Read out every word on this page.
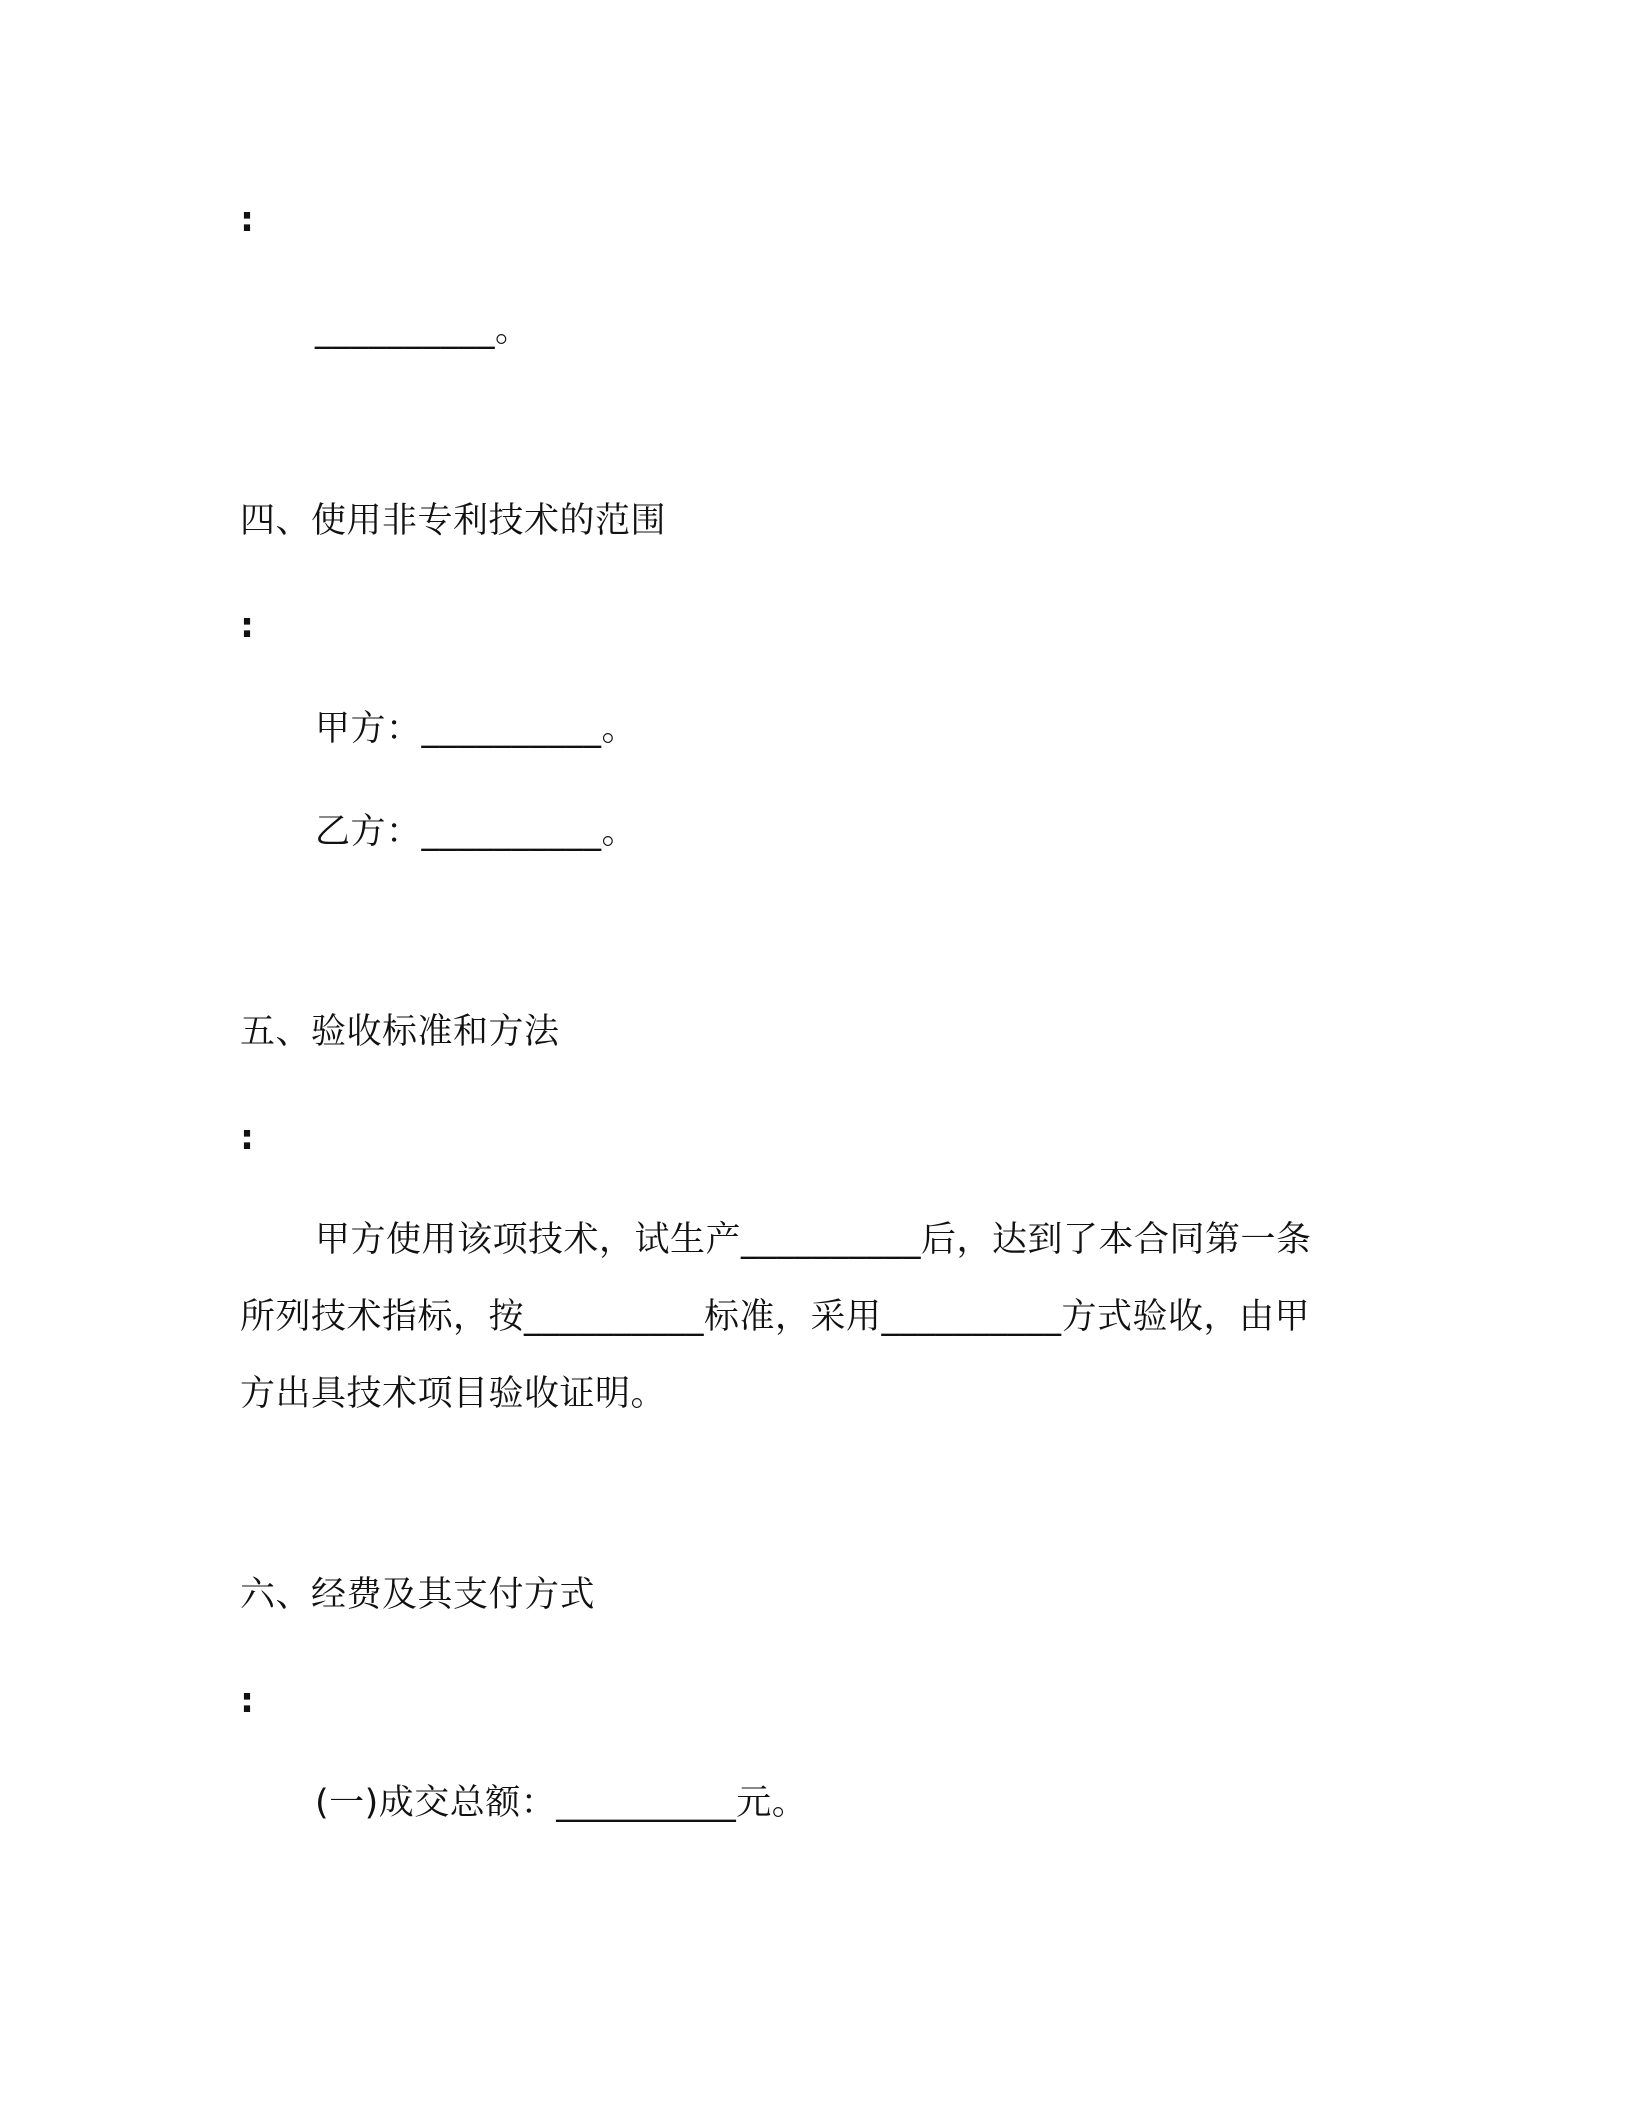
:
__________。
四、使用非专利技术的范围
:
甲方：__________。
乙方：__________。
五、验收标准和方法
:
甲方使用该项技术，试生产__________后，达到了本合同第一条
所列技术指标，按__________标准，采用__________方式验收，由甲
方出具技术项目验收证明。
六、经费及其支付方式
:
(一)成交总额：__________元。
